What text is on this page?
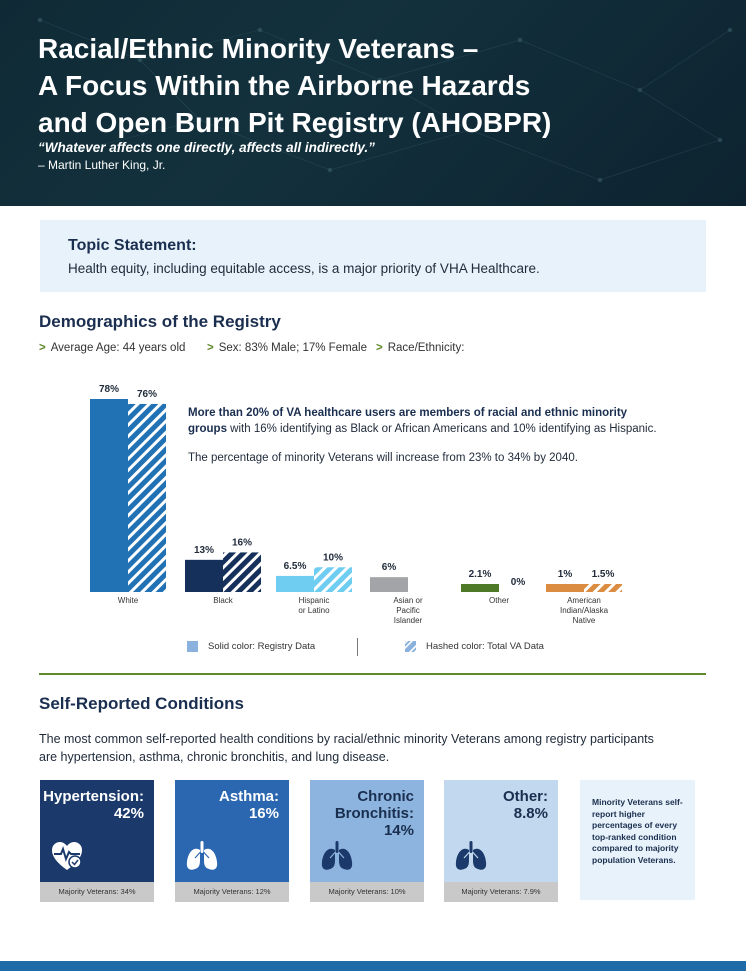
Racial/Ethnic Minority Veterans –
A Focus Within the Airborne Hazards
and Open Burn Pit Registry (AHOBPR)
“Whatever affects one directly, affects all indirectly.”
– Martin Luther King, Jr.
Topic Statement:
Health equity, including equitable access, is a major priority of VHA Healthcare.
Demographics of the Registry
> Average Age: 44 years old > Sex: 83% Male; 17% Female > Race/Ethnicity:
78% 76%
White
13%
16%
Black
6.5%
10%
Hispanic
or Latino
6%
Asian or
Pacific
Islander
2.1%
0%
Other
1% 1.5%
American
Indian/Alaska
Native
More than 20% of VA healthcare users are members of racial and ethnic minority groups with 16% identifying as Black or African Americans and 10% identifying as Hispanic.
The percentage of minority Veterans will increase from 23% to 34% by 2040.
Solid color: Registry Data	Hashed color: Total VA Data
Self-Reported Conditions
The most common self-reported health conditions by racial/ethnic minority Veterans among registry participants are hypertension, asthma, chronic bronchitis, and lung disease.
Hypertension:
42%
Majority Veterans: 34%
Asthma:
16%
Majority Veterans: 12%
Chronic
Bronchitis:
14%
Majority Veterans: 10%
Other:
8.8%
Majority Veterans: 7.9%
Minority Veterans self-report higher percentages of every top-ranked condition compared to majority population Veterans.
